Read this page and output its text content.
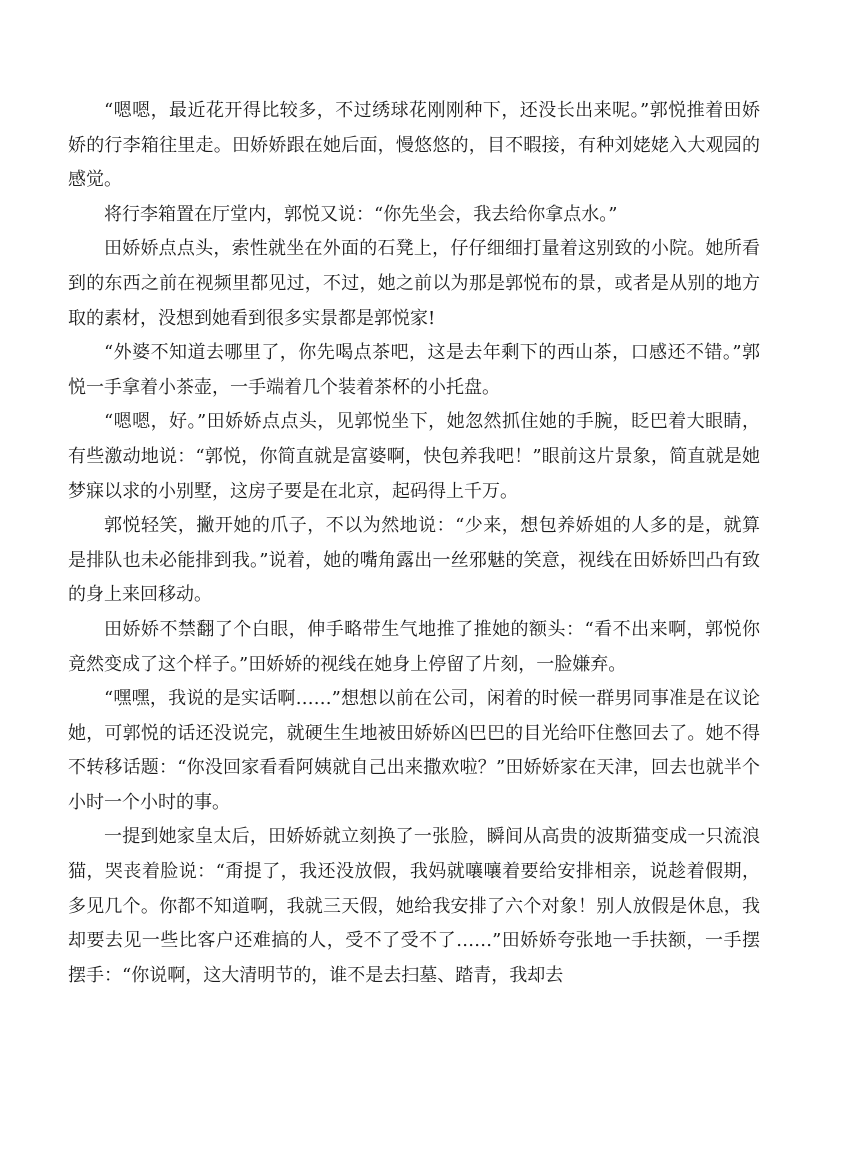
“嗯嗯，最近花开得比较多，不过绣球花刚刚种下，还没长出来呢。”郭悦推着田娇娇的行李箱往里走。田娇娇跟在她后面，慢悠悠的，目不暇接，有种刘姥姥入大观园的感觉。

将行李箱置在厅堂内，郭悦又说：“你先坐会，我去给你拿点水。”

田娇娇点点头，索性就坐在外面的石凳上，仔仔细细打量着这别致的小院。她所看到的东西之前在视频里都见过，不过，她之前以为那是郭悦布的景，或者是从别的地方取的素材，没想到她看到很多实景都是郭悦家!

“外婆不知道去哪里了，你先喝点茶吧，这是去年剩下的西山茶，口感还不错。”郭悦一手拿着小茶壶，一手端着几个装着茶杯的小托盘。

“嗯嗯，好。”田娇娇点点头，见郭悦坐下，她忽然抓住她的手腕，眨巴着大眼睛，有些激动地说：“郭悦，你简直就是富婆啊，快包养我吧！”眼前这片景象，简直就是她梦寐以求的小别墅，这房子要是在北京，起码得上千万。

郭悦轻笑，撇开她的爪子，不以为然地说：“少来，想包养娇姐的人多的是，就算是排队也未必能排到我。”说着，她的嘴角露出一丝邪魅的笑意，视线在田娇娇凹凸有致的身上来回移动。

田娇娇不禁翻了个白眼，伸手略带生气地推了推她的额头：“看不出来啊，郭悦你竟然变成了这个样子。”田娇娇的视线在她身上停留了片刻，一脸嫌弃。

“嘿嘿，我说的是实话啊……”想想以前在公司，闲着的时候一群男同事准是在议论她，可郭悦的话还没说完，就硬生生地被田娇娇凶巴巴的目光给吓住憋回去了。她不得不转移话题：“你没回家看看阿姨就自己出来撒欢啦？”田娇娇家在天津，回去也就半个小时一个小时的事。

一提到她家皇太后，田娇娇就立刻换了一张脸，瞬间从高贵的波斯猫变成一只流浪猫，哭丧着脸说：“甭提了，我还没放假，我妈就嚷嚷着要给安排相亲，说趁着假期，多见几个。你都不知道啊，我就三天假，她给我安排了六个对象！别人放假是休息，我却要去见一些比客户还难搞的人，受不了受不了……”田娇娇夸张地一手扶额，一手摆摆手：“你说啊，这大清明节的，谁不是去扫墓、踏青，我却去
